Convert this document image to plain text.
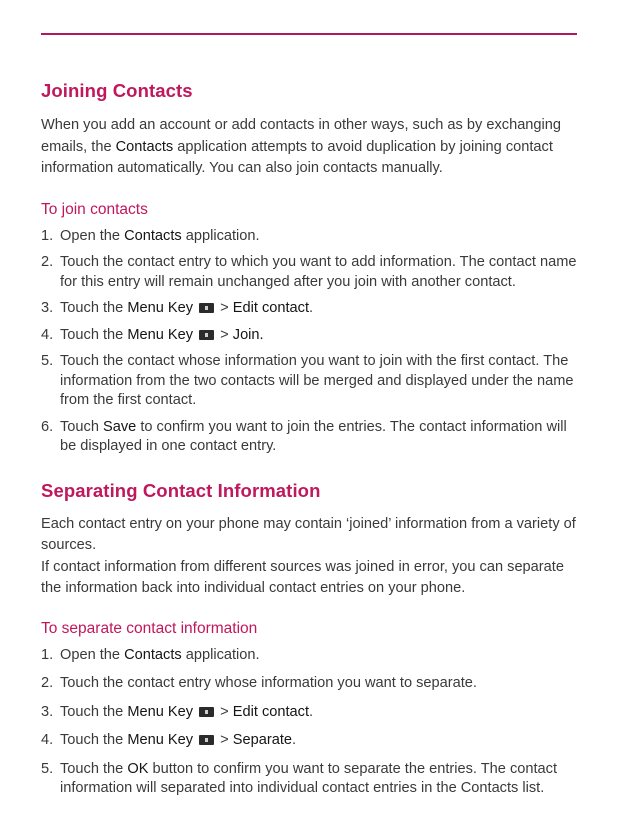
Joining Contacts

When you add an account or add contacts in other ways, such as by exchanging emails, the Contacts application attempts to avoid duplication by joining contact information automatically. You can also join contacts manually.

To join contacts
1. Open the Contacts application.
2. Touch the contact entry to which you want to add information. The contact name for this entry will remain unchanged after you join with another contact.
3. Touch the Menu Key  > Edit contact.
4. Touch the Menu Key  > Join.
5. Touch the contact whose information you want to join with the first contact. The information from the two contacts will be merged and displayed under the name from the first contact.
6. Touch Save to confirm you want to join the entries. The contact information will be displayed in one contact entry.
Separating Contact Information

Each contact entry on your phone may contain ‘joined’ information from a variety of sources.

If contact information from different sources was joined in error, you can separate the information back into individual contact entries on your phone.

To separate contact information
1. Open the Contacts application.
2. Touch the contact entry whose information you want to separate.
3. Touch the Menu Key  > Edit contact.
4. Touch the Menu Key  > Separate.
5. Touch the OK button to confirm you want to separate the entries. The contact information will separated into individual contact entries in the Contacts list.
